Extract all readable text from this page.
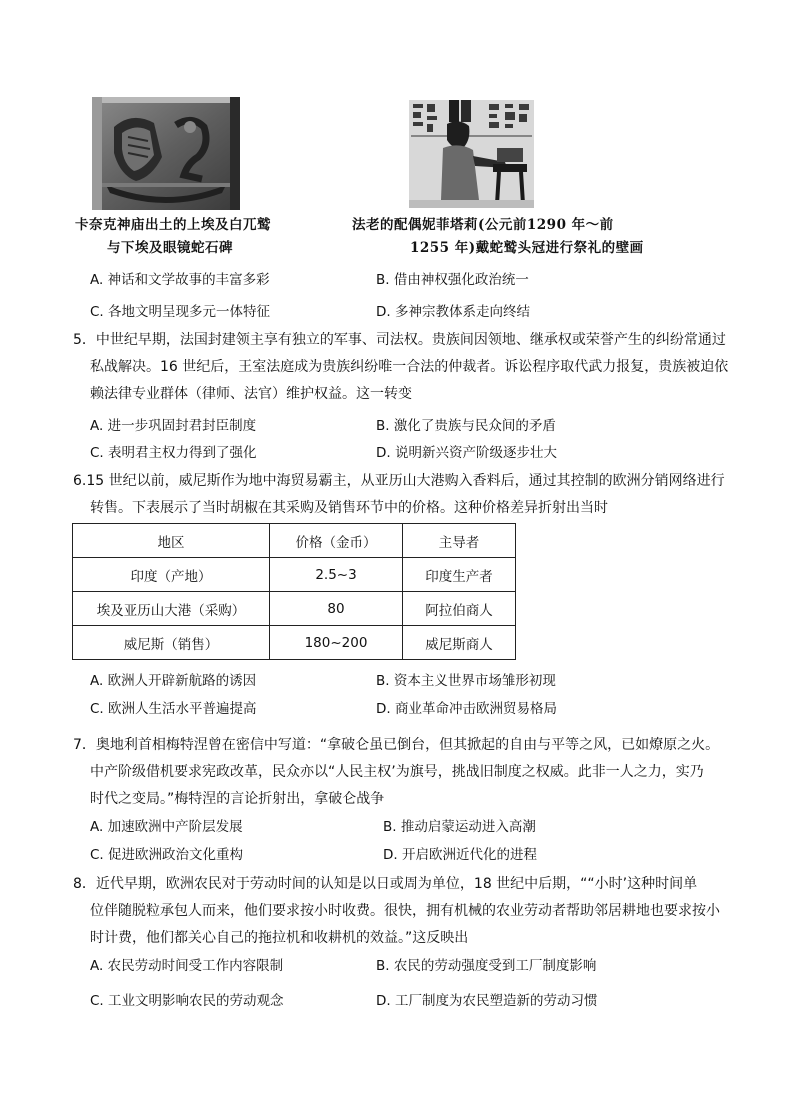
卡奈克神庙出土的上埃及白兀鹫
与下埃及眼镜蛇石碑
法老的配偶妮菲塔莉(公元前1290 年～前
1255 年)戴蛇鹫头冠进行祭礼的壁画
A. 神话和文学故事的丰富多彩	B. 借由神权强化政治统一
C. 各地文明呈现多元一体特征	D. 多神宗教体系走向终结
5．中世纪早期，法国封建领主享有独立的军事、司法权。贵族间因领地、继承权或荣誉产生的纠纷常通过
私战解决。16 世纪后，王室法庭成为贵族纠纷唯一合法的仲裁者。诉讼程序取代武力报复，贵族被迫依
赖法律专业群体（律师、法官）维护权益。这一转变
A. 进一步巩固封君封臣制度	B. 激化了贵族与民众间的矛盾
C. 表明君主权力得到了强化	D. 说明新兴资产阶级逐步壮大
6.15 世纪以前，威尼斯作为地中海贸易霸主，从亚历山大港购入香料后，通过其控制的欧洲分销网络进行
转售。下表展示了当时胡椒在其采购及销售环节中的价格。这种价格差异折射出当时
地区	价格（金币）	主导者
印度（产地）	2.5~3	印度生产者
埃及亚历山大港（采购）	80	阿拉伯商人
威尼斯（销售）	180~200	威尼斯商人
A. 欧洲人开辟新航路的诱因	B. 资本主义世界市场雏形初现
C. 欧洲人生活水平普遍提高	D. 商业革命冲击欧洲贸易格局
7．奥地利首相梅特涅曾在密信中写道：“拿破仑虽已倒台，但其掀起的自由与平等之风，已如燎原之火。
中产阶级借机要求宪政改革，民众亦以“人民主权’为旗号，挑战旧制度之权威。此非一人之力，实乃
时代之变局。”梅特涅的言论折射出，拿破仑战争
A. 加速欧洲中产阶层发展	B. 推动启蒙运动进入高潮
C. 促进欧洲政治文化重构	D. 开启欧洲近代化的进程
8．近代早期，欧洲农民对于劳动时间的认知是以日或周为单位，18 世纪中后期，““小时’这种时间单
位伴随脱粒承包人而来，他们要求按小时收费。很快，拥有机械的农业劳动者帮助邻居耕地也要求按小
时计费，他们都关心自己的拖拉机和收耕机的效益。”这反映出
A. 农民劳动时间受工作内容限制	B. 农民的劳动强度受到工厂制度影响
C. 工业文明影响农民的劳动观念	D. 工厂制度为农民塑造新的劳动习惯
